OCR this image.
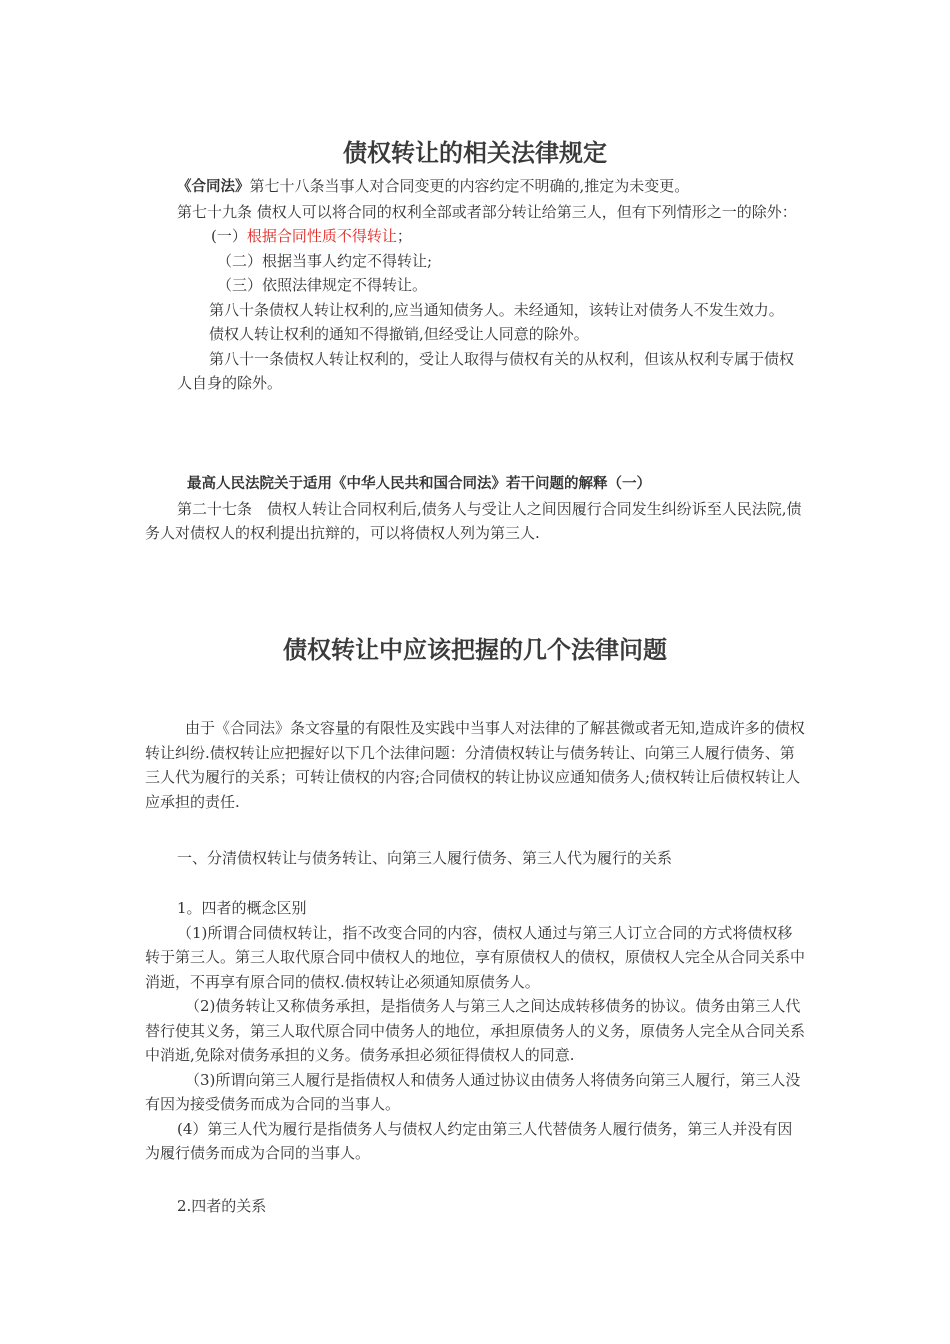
债权转让的相关法律规定

《合同法》第七十八条当事人对合同变更的内容约定不明确的,推定为未变更。

第七十九条 债权人可以将合同的权利全部或者部分转让给第三人，但有下列情形之一的除外：

(一）根据合同性质不得转让；

（二）根据当事人约定不得转让;

（三）依照法律规定不得转让。

第八十条债权人转让权利的,应当通知债务人。未经通知，该转让对债务人不发生效力。

债权人转让权利的通知不得撤销,但经受让人同意的除外。

第八十一条债权人转让权利的，受让人取得与债权有关的从权利，但该从权利专属于债权人自身的除外。

最高人民法院关于适用《中华人民共和国合同法》若干问题的解释（一）

第二十七条　债权人转让合同权利后,债务人与受让人之间因履行合同发生纠纷诉至人民法院,债务人对债权人的权利提出抗辩的，可以将债权人列为第三人.

债权转让中应该把握的几个法律问题

由于《合同法》条文容量的有限性及实践中当事人对法律的了解甚微或者无知,造成许多的债权转让纠纷.债权转让应把握好以下几个法律问题：分清债权转让与债务转让、向第三人履行债务、第三人代为履行的关系；可转让债权的内容;合同债权的转让协议应通知债务人;债权转让后债权转让人应承担的责任.

一、分清债权转让与债务转让、向第三人履行债务、第三人代为履行的关系

1。四者的概念区别

（1)所谓合同债权转让，指不改变合同的内容，债权人通过与第三人订立合同的方式将债权移转于第三人。第三人取代原合同中债权人的地位，享有原债权人的债权，原债权人完全从合同关系中消逝，不再享有原合同的债权.债权转让必须通知原债务人。

（2)债务转让又称债务承担，是指债务人与第三人之间达成转移债务的协议。债务由第三人代替行使其义务，第三人取代原合同中债务人的地位，承担原债务人的义务，原债务人完全从合同关系中消逝,免除对债务承担的义务。债务承担必须征得债权人的同意.

（3)所谓向第三人履行是指债权人和债务人通过协议由债务人将债务向第三人履行，第三人没有因为接受债务而成为合同的当事人。

(4）第三人代为履行是指债务人与债权人约定由第三人代替债务人履行债务，第三人并没有因为履行债务而成为合同的当事人。

2.四者的关系
